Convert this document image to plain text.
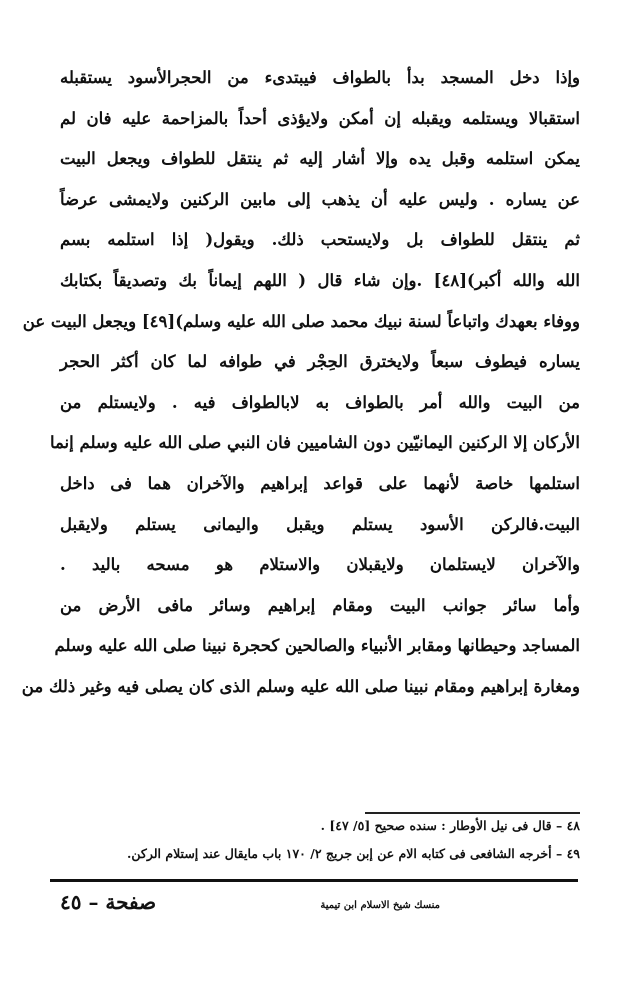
وإذا دخل المسجد بدأ بالطواف فيبتدىء من الحجرالأسود يستقبله
استقبالا ويستلمه ويقبله إن أمكن ولايؤذى أحداً بالمزاحمة عليه فان لم
يمكن استلمه وقبل يده وإلا أشار إليه ثم ينتقل للطواف ويجعل البيت
عن يساره . وليس عليه أن يذهب إلى مابين الركنين ولايمشى عرضاً
ثم ينتقل للطواف بل ولايستحب ذلك. ويقول( إذا استلمه بسم
الله والله أكبر)[٤٨] .وإن شاء قال ( اللهم إيماناً بك وتصديقاً بكتابك
ووفاء بعهدك واتباعاً لسنة نبيك محمد صلى الله عليه وسلم)[٤٩] ويجعل البيت عن
يساره فيطوف سبعاً ولايخترق الحِجْر في طوافه لما كان أكثر الحجر
من البيت والله أمر بالطواف به لابالطواف فيه . ولايستلم من
الأركان إلا الركنين اليمانيّين دون الشاميين فان النبي صلى الله عليه وسلم إنما
استلمها خاصة لأنهما على قواعد إبراهيم والآخران هما فى داخل
البيت.فالركن الأسود يستلم ويقبل واليمانى يستلم ولايقبل
والآخران لايستلمان ولايقبلان والاستلام هو مسحه باليد .
وأما سائر جوانب البيت ومقام إبراهيم وسائر مافى الأرض من
المساجد وحيطانها ومقابر الأنبياء والصالحين كحجرة نبينا صلى الله عليه وسلم
ومغارة إبراهيم ومقام نبينا صلى الله عليه وسلم الذى كان يصلى فيه وغير ذلك من
٤٨ – قال فى نيل الأوطار : سنده صحيح [٥/ ٤٧] .
٤٩ – أخرجه الشافعى فى كتابه الام عن إبن جريج ٢/ ١٧٠ باب مايقال عند إستلام الركن.
منسك شيخ الاسلام ابن تيمية
صفحة – ٤٥
